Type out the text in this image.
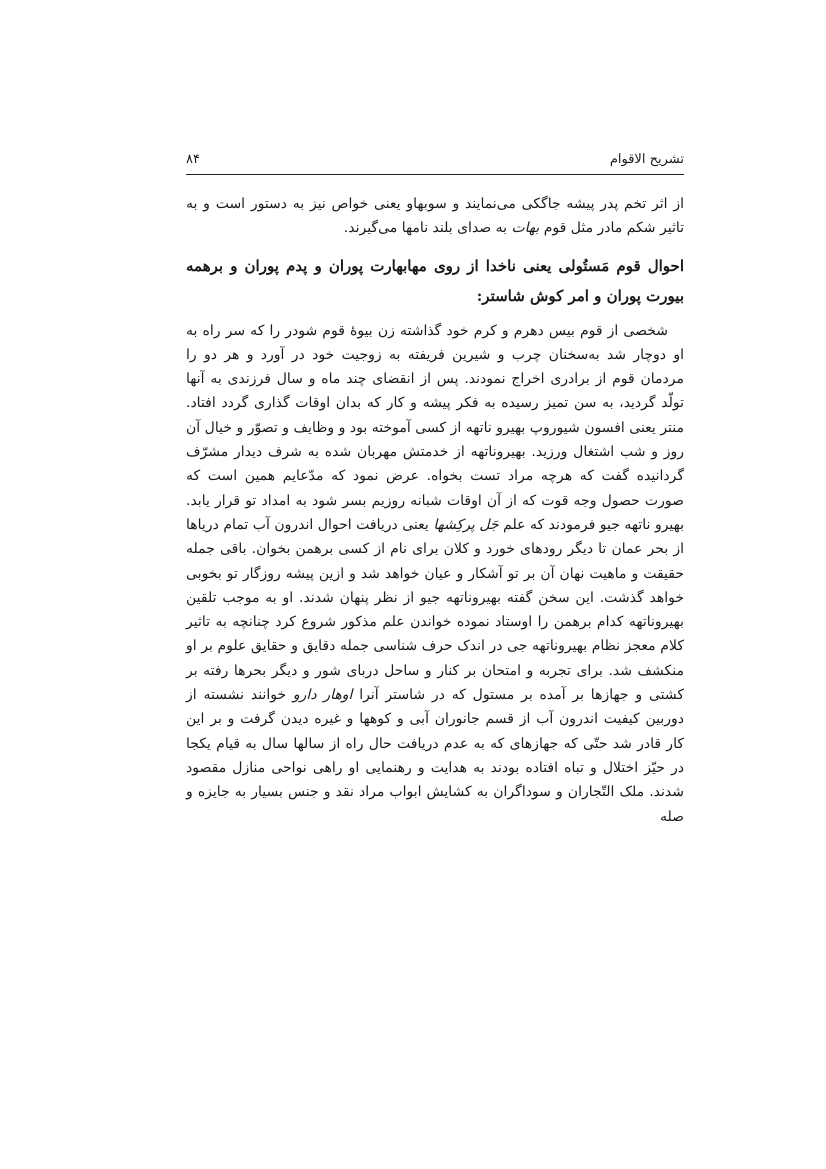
تشریح الاقوام
۸۴

از اثر تخم پدر پیشه جاگکی می‌نمایند و سوبهاو یعنی خواص نیز به دستور است و به تاثیر شکم مادر مثل قوم بهات به صدای بلند نامها می‌گیرند.

احوال قوم مَستُولی یعنی ناخدا از روی مهابهارت پوران و پدم پوران و برهمه بیورت پوران و امر کوش شاستر:

شخصی از قوم بیس دهرم و کرم خود گذاشته زن بیوۀ قوم شودر را که سر راه به او دوچار شد به‌سخنان چرب و شیرین فریفته به زوجیت خود در آورد و هر دو را مردمان قوم از برادری اخراج نمودند. پس از انقضای چند ماه و سال فرزندی به آنها تولّد گردید، به سن تمیز رسیده به فکر پیشه و کار که بدان اوقات گذاری گردد افتاد. منتر یعنی افسون شیوروپ بهیرو ناتهه از کسی آموخته بود و وظایف و تصوّر و خیال آن روز و شب اشتغال ورزید. بهیروناتهه از خدمتش مهربان شده به شرف دیدار مشرّف گردانیده گفت که هرچه مراد تست بخواه. عرض نمود که مدّعایم همین است که صورت حصول وجه قوت که از آن اوقات شبانه روزیم بسر شود به امداد تو قرار یابد. بهیرو ناتهه جیو فرمودند که علم جَل پرکِشها یعنی دریافت احوال اندرون آب تمام دریاها از بحر عمان تا دیگر رودهای خورد و کلان برای نام از کسی برهمن بخوان. باقی جمله حقیقت و ماهیت نهان آن بر تو آشکار و عیان خواهد شد و ازین پیشه روزگار تو بخوبی خواهد گذشت. این سخن گفته بهیروناتهه جیو از نظر پنهان شدند. او به موجب تلقین بهیروناتهه کدام برهمن را اوستاد نموده خواندن علم مذکور شروع کرد چنانچه به تاثیر کلام معجز نظام بهیروناتهه جی در اندک حرف شناسی جمله دقایق و حقایق علوم بر او منکشف شد. برای تجربه و امتحان بر کنار و ساحل دربای شور و دیگر بحرها رفته بر کشتی و جهازها بر آمده بر مستول که در شاستر آنرا اوهار دارو خوانند نشسته از دوربین کیفیت اندرون آب از قسم جانوران آبی و کوهها و غیره دیدن گرفت و بر این کار قادر شد حتّی که جهازهای که به عدم دریافت حال راه از سالها سال به قیام یکجا در حیّز اختلال و تباه افتاده بودند به هدایت و رهنمایی او راهی نواحی منازل مقصود شدند. ملک التّجاران و سوداگران به کشایش ابواب مراد نقد و جنس بسیار به جایزه و صله
